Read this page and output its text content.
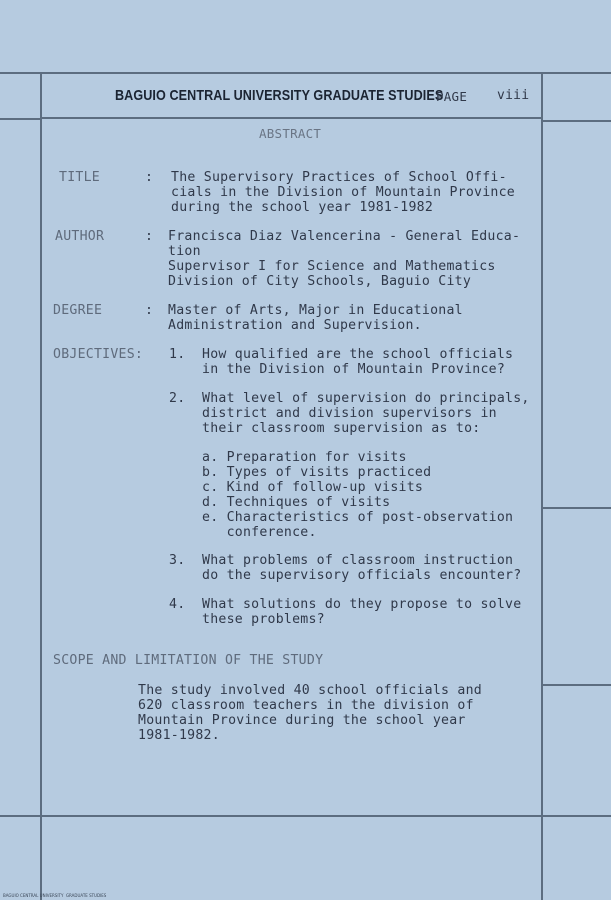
BAGUIO CENTRAL UNIVERSITY GRADUATE STUDIES
PAGE viii
ABSTRACT
TITLE	: The Supervisory Practices of School Offi-
cials in the Division of Mountain Province
during the school year 1981-1982
AUTHOR	: Francisca Diaz Valencerina - General Educa-
tion
Supervisor I for Science and Mathematics
Division of City Schools, Baguio City
DEGREE	: Master of Arts, Major in Educational
Administration and Supervision.
OBJECTIVES: 1. How qualified are the school officials
in the Division of Mountain Province?
2. What level of supervision do principals,
district and division supervisors in
their classroom supervision as to:
a. Preparation for visits
b. Types of visits practiced
c. Kind of follow-up visits
d. Techniques of visits
e. Characteristics of post-observation
conference.
3. What problems of classroom instruction
do the supervisory officials encounter?
4. What solutions do they propose to solve
these problems?
SCOPE AND LIMITATION OF THE STUDY
The study involved 40 school officials and
620 classroom teachers in the division of
Mountain Province during the school year
1981-1982.
BAGUIO CENTRAL UNIVERSITY  GRADUATE STUDIES
